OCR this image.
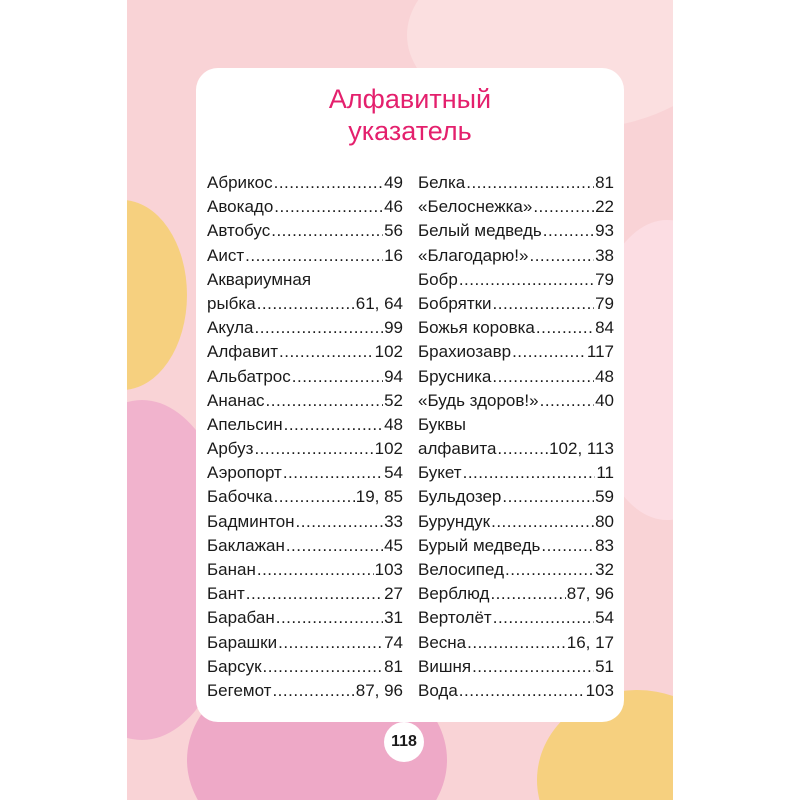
Алфавитный
указатель
Абрикос .....	49
Авокадо .....	46
Автобус .....	56
Аист .....	16
Аквариумная
рыбка .....	61, 64
Акула .....	99
Алфавит .....	102
Альбатрос .....	94
Ананас .....	52
Апельсин .....	48
Арбуз .....	102
Аэропорт .....	54
Бабочка .....	19, 85
Бадминтон .....	33
Баклажан .....	45
Банан .....	103
Бант .....	27
Барабан .....	31
Барашки .....	74
Барсук .....	81
Бегемот .....	87, 96
Белка .....	81
«Белоснежка» .....	22
Белый медведь .....	93
«Благодарю!» .....	38
Бобр .....	79
Бобрятки .....	79
Божья коровка .....	84
Брахиозавр .....	117
Брусника .....	48
«Будь здоров!» .....	40
Буквы
алфавита .....	102, 113
Букет .....	11
Бульдозер .....	59
Бурундук .....	80
Бурый медведь .....	83
Велосипед .....	32
Верблюд .....	87, 96
Вертолёт .....	54
Весна .....	16, 17
Вишня .....	51
Вода .....	103
118
